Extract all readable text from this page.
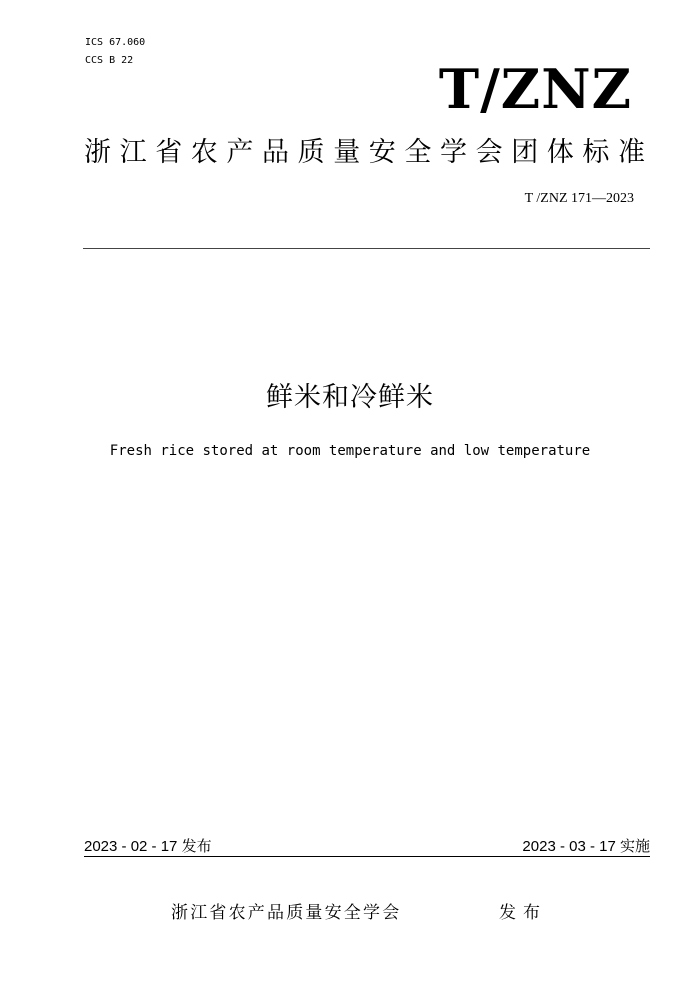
ICS 67.060
CCS B 22	T/ZNZ
浙江省农产品质量安全学会团体标准
T /ZNZ 171—2023
鲜米和冷鲜米
Fresh rice stored at room temperature and low temperature
2023 - 02 - 17 发布	2023 - 03 - 17 实施
浙江省农产品质量安全学会	发布
